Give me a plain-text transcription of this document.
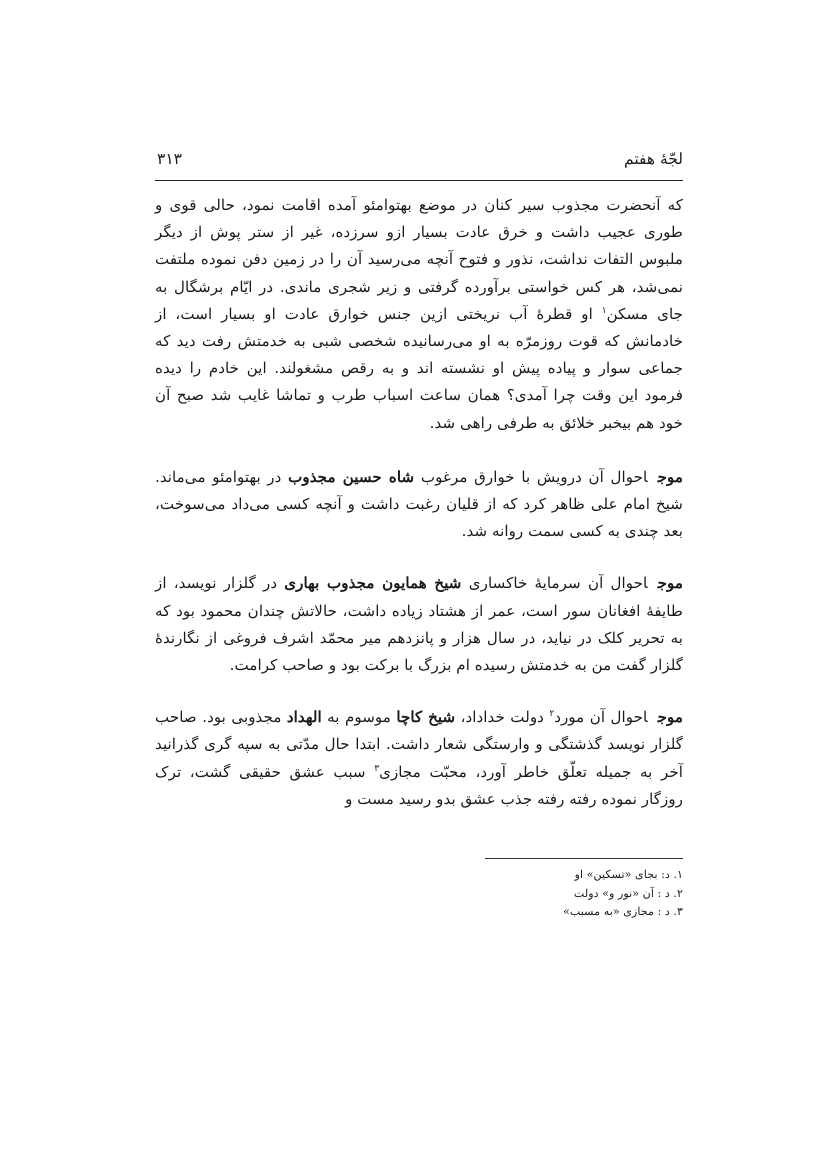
لجّهٔ هفتم
۳۱۳

که آنحضرت مجذوب سیر کنان در موضع بهتوامئو آمده اقامت نمود، حالی قوی و طوری عجیب داشت و خرق عادت بسیار ازو سرزده، غیر از ستر پوش از دیگر ملبوس التفات نداشت، نذور و فتوح آنچه می‌رسید آن را در زمین دفن نموده ملتفت نمی‌شد، هر کس خواستی برآورده گرفتی و زیر شجری ماندی. در ایّام برشگال به جای مسکن$^۱$ او قطرهٔ آب نریختی ازین جنس خوارق عادت او بسیار است، از خادمانش که قوت روزمرّه به او می‌رسانیده شخصی شبی به خدمتش رفت دید که جماعی سوار و پیاده پیش او نشسته اند و به رقص مشغولند. این خادم را دیده فرمود این وقت چرا آمدی؟ همان ساعت اسباب طرب و تماشا غایب شد صبح آن خود هم بیخبر خلائق به طرفی راهی شد.

موجاحوال آن درویش با خوارق مرغوب شاه حسین مجذوب در بهتوامئو می‌ماند. شیخ امام علی ظاهر کرد که از قلیان رغبت داشت و آنچه کسی می‌داد می‌سوخت، بعد چندی به کسی سمت روانه شد.

موجاحوال آن سرمایهٔ خاکساری شیخ همایون مجذوب بهاری در گلزار نویسد، از طایفهٔ افغانان سور است، عمر از هشتاد زیاده داشت، حالاتش چندان محمود بود که به تحریر کلک در نیاید، در سال هزار و پانزدهم میر محمّد اشرف فروغی از نگارندهٔ گلزار گفت من به خدمتش رسیده ام بزرگ با برکت بود و صاحب کرامت.

موجاحوال آن مورد$^۲$ دولت خداداد، شیخ کاچا موسوم به الهداد مجذوبی بود. صاحب گلزار نویسد گذشتگی و وارستگی شعار داشت. ابتدا حال مدّتی به سپه گری گذرانید آخر به جمیله تعلّق خاطر آورد، محبّت مجازی$^۳$ سبب عشق حقیقی گشت، ترک روزگار نموده رفته رفته جذب عشق بدو رسید مست و

۱. د: بجای «تسکین» او

۲. د : آن «نور و» دولت

۳. د : مجازی «به مسبب»
